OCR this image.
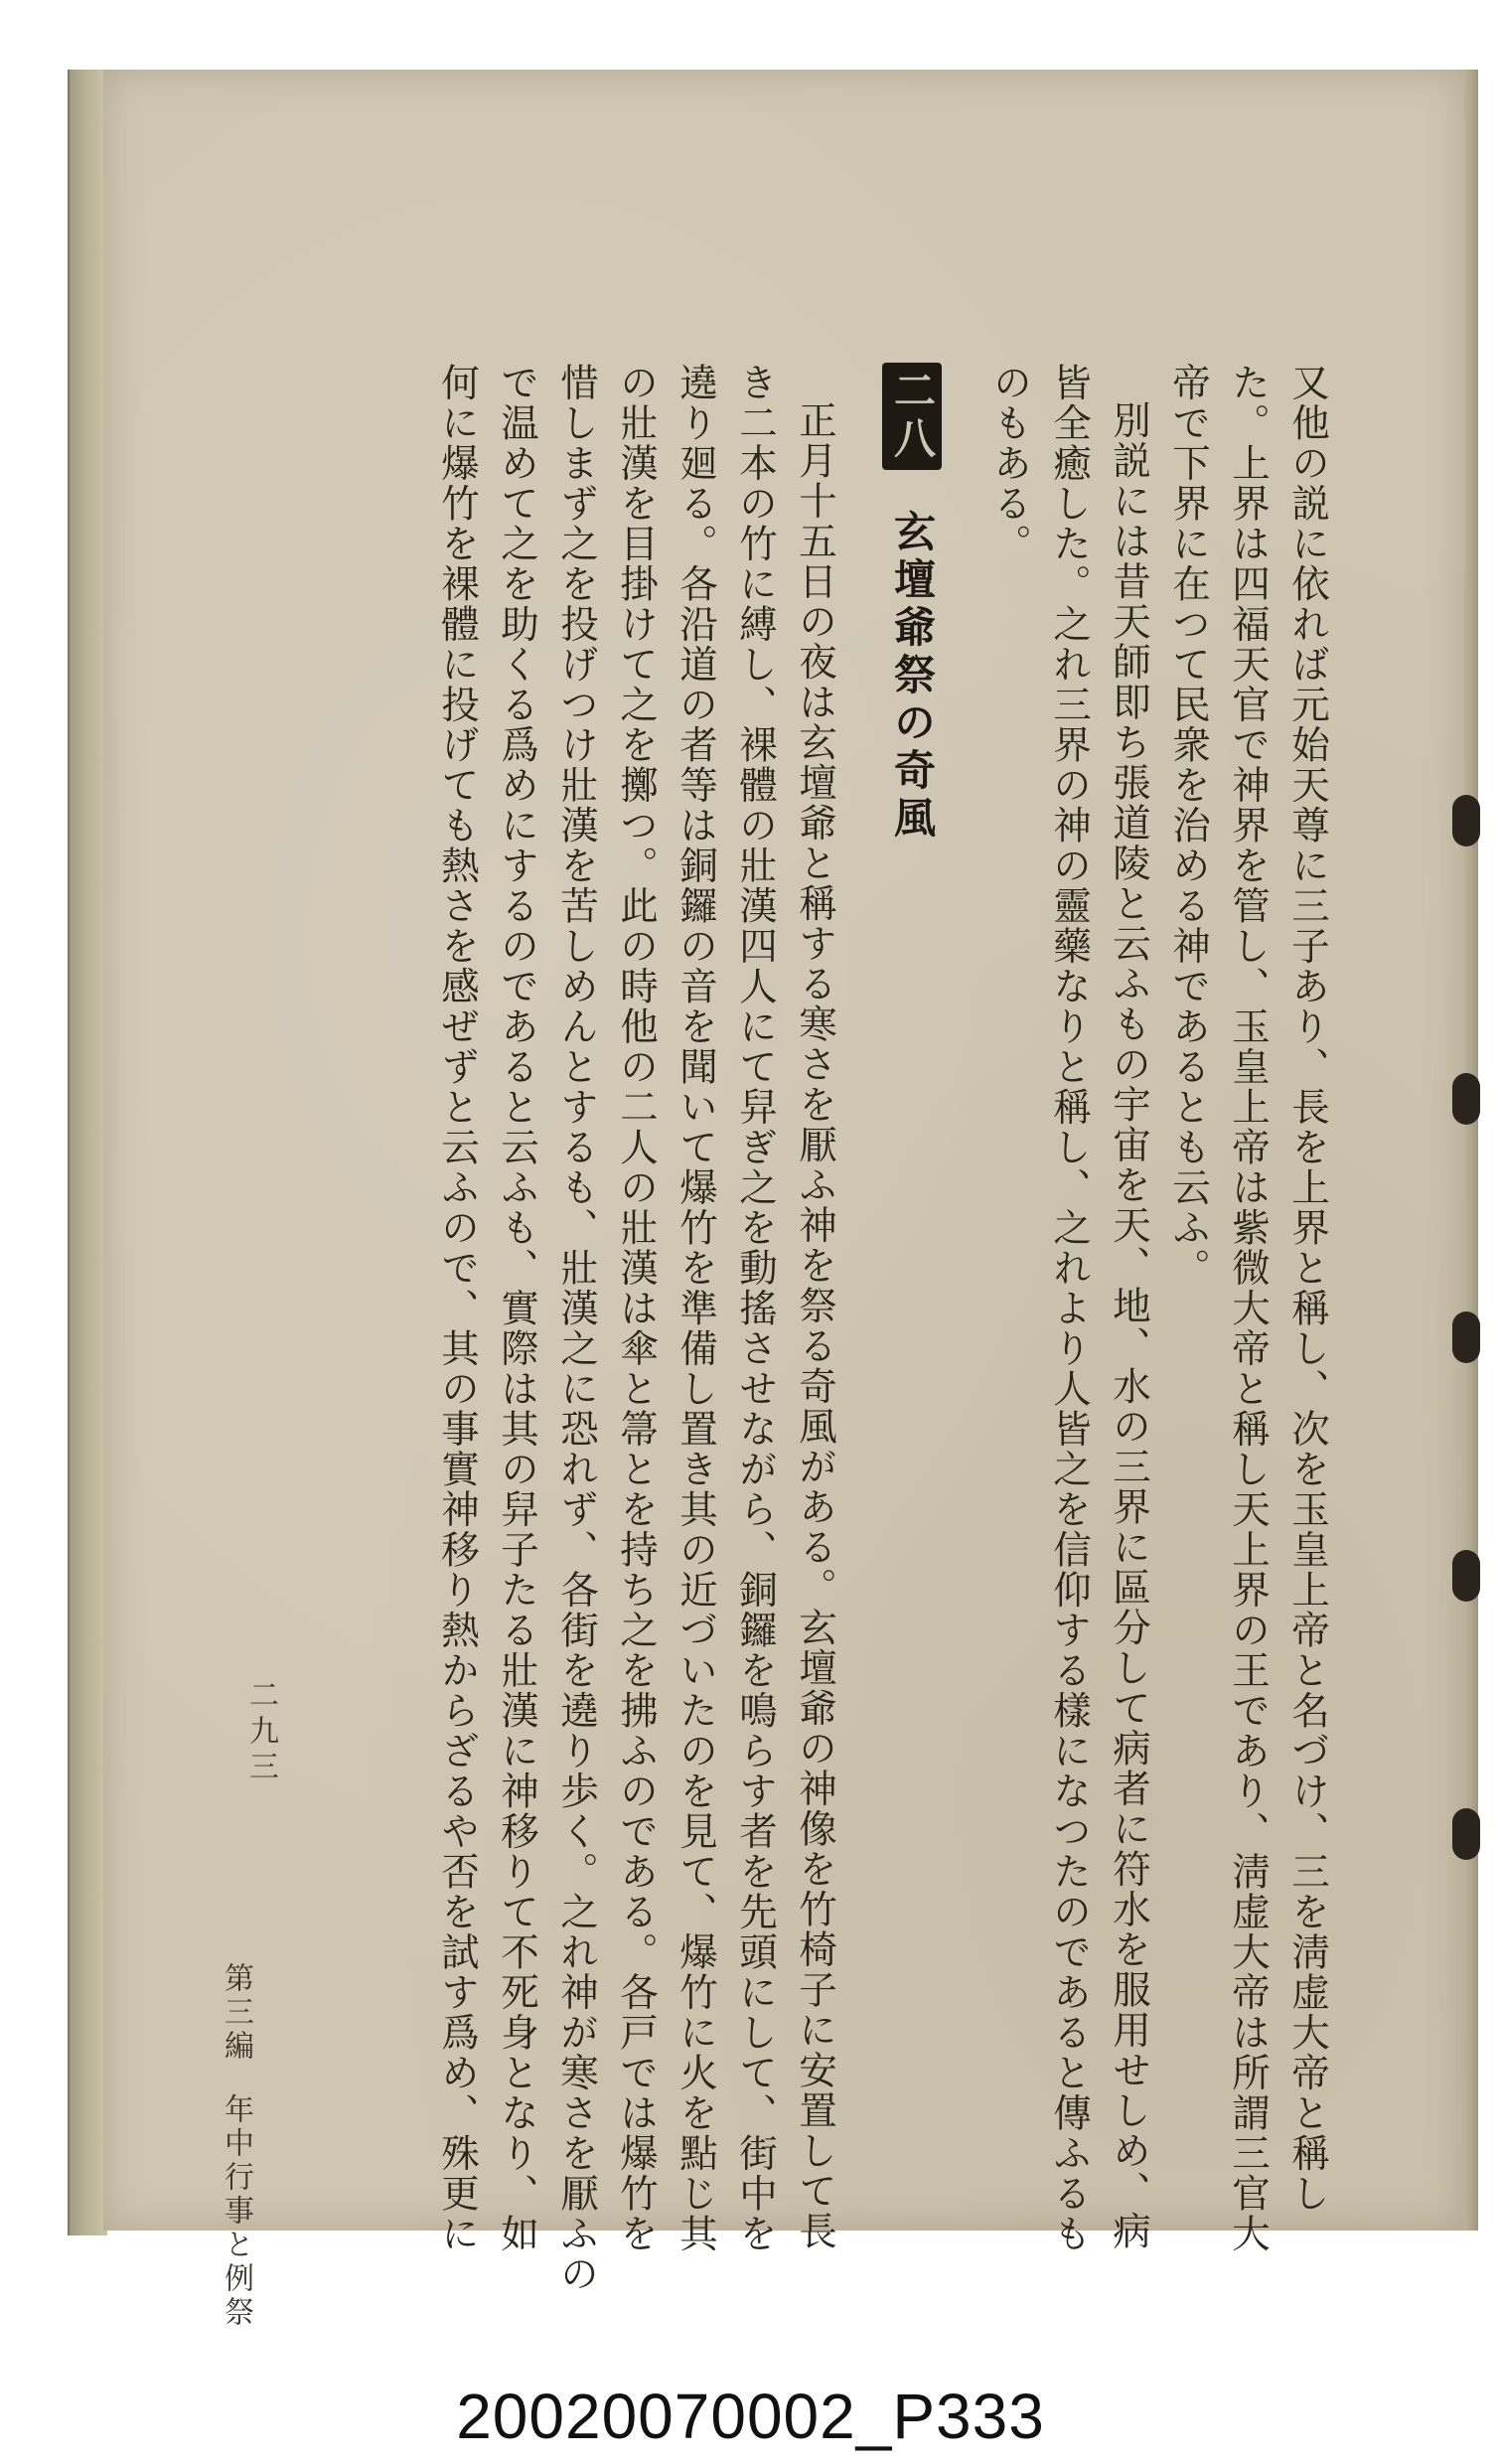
又他の説に依れば元始天尊に三子あり、長を上界と稱し、次を玉皇上帝と名づけ、三を淸虚大帝と稱し
た。上界は四福天官で神界を管し、玉皇上帝は紫微大帝と稱し天上界の王であり、淸虚大帝は所謂三官大
帝で下界に在つて民衆を治める神であるとも云ふ。
別説には昔天師即ち張道陵と云ふもの宇宙を天、地、水の三界に區分して病者に符水を服用せしめ、病
皆全癒した。之れ三界の神の靈藥なりと稱し、之れより人皆之を信仰する樣になつたのであると傳ふるも
のもある。
二八玄壇爺祭の奇風
正月十五日の夜は玄壇爺と稱する寒さを厭ふ神を祭る奇風がある。玄壇爺の神像を竹椅子に安置して長
き二本の竹に縛し、裸體の壯漢四人にて舁ぎ之を動搖させながら、銅鑼を鳴らす者を先頭にして、街中を
遶り廻る。各沿道の者等は銅鑼の音を聞いて爆竹を準備し置き其の近づいたのを見て、爆竹に火を點じ其
の壯漢を目掛けて之を擲つ。此の時他の二人の壯漢は傘と箒とを持ち之を拂ふのである。各戸では爆竹を
惜しまず之を投げつけ壯漢を苦しめんとするも、壯漢之に恐れず、各街を遶り歩く。之れ神が寒さを厭ふの
で温めて之を助くる爲めにするのであると云ふも、實際は其の舁子たる壯漢に神移りて不死身となり、如
何に爆竹を裸體に投げても熱さを感ぜずと云ふので、其の事實神移り熱からざるや否を試す爲め、殊更に
第三編年中行事と例祭
二九三
20020070002_P333
